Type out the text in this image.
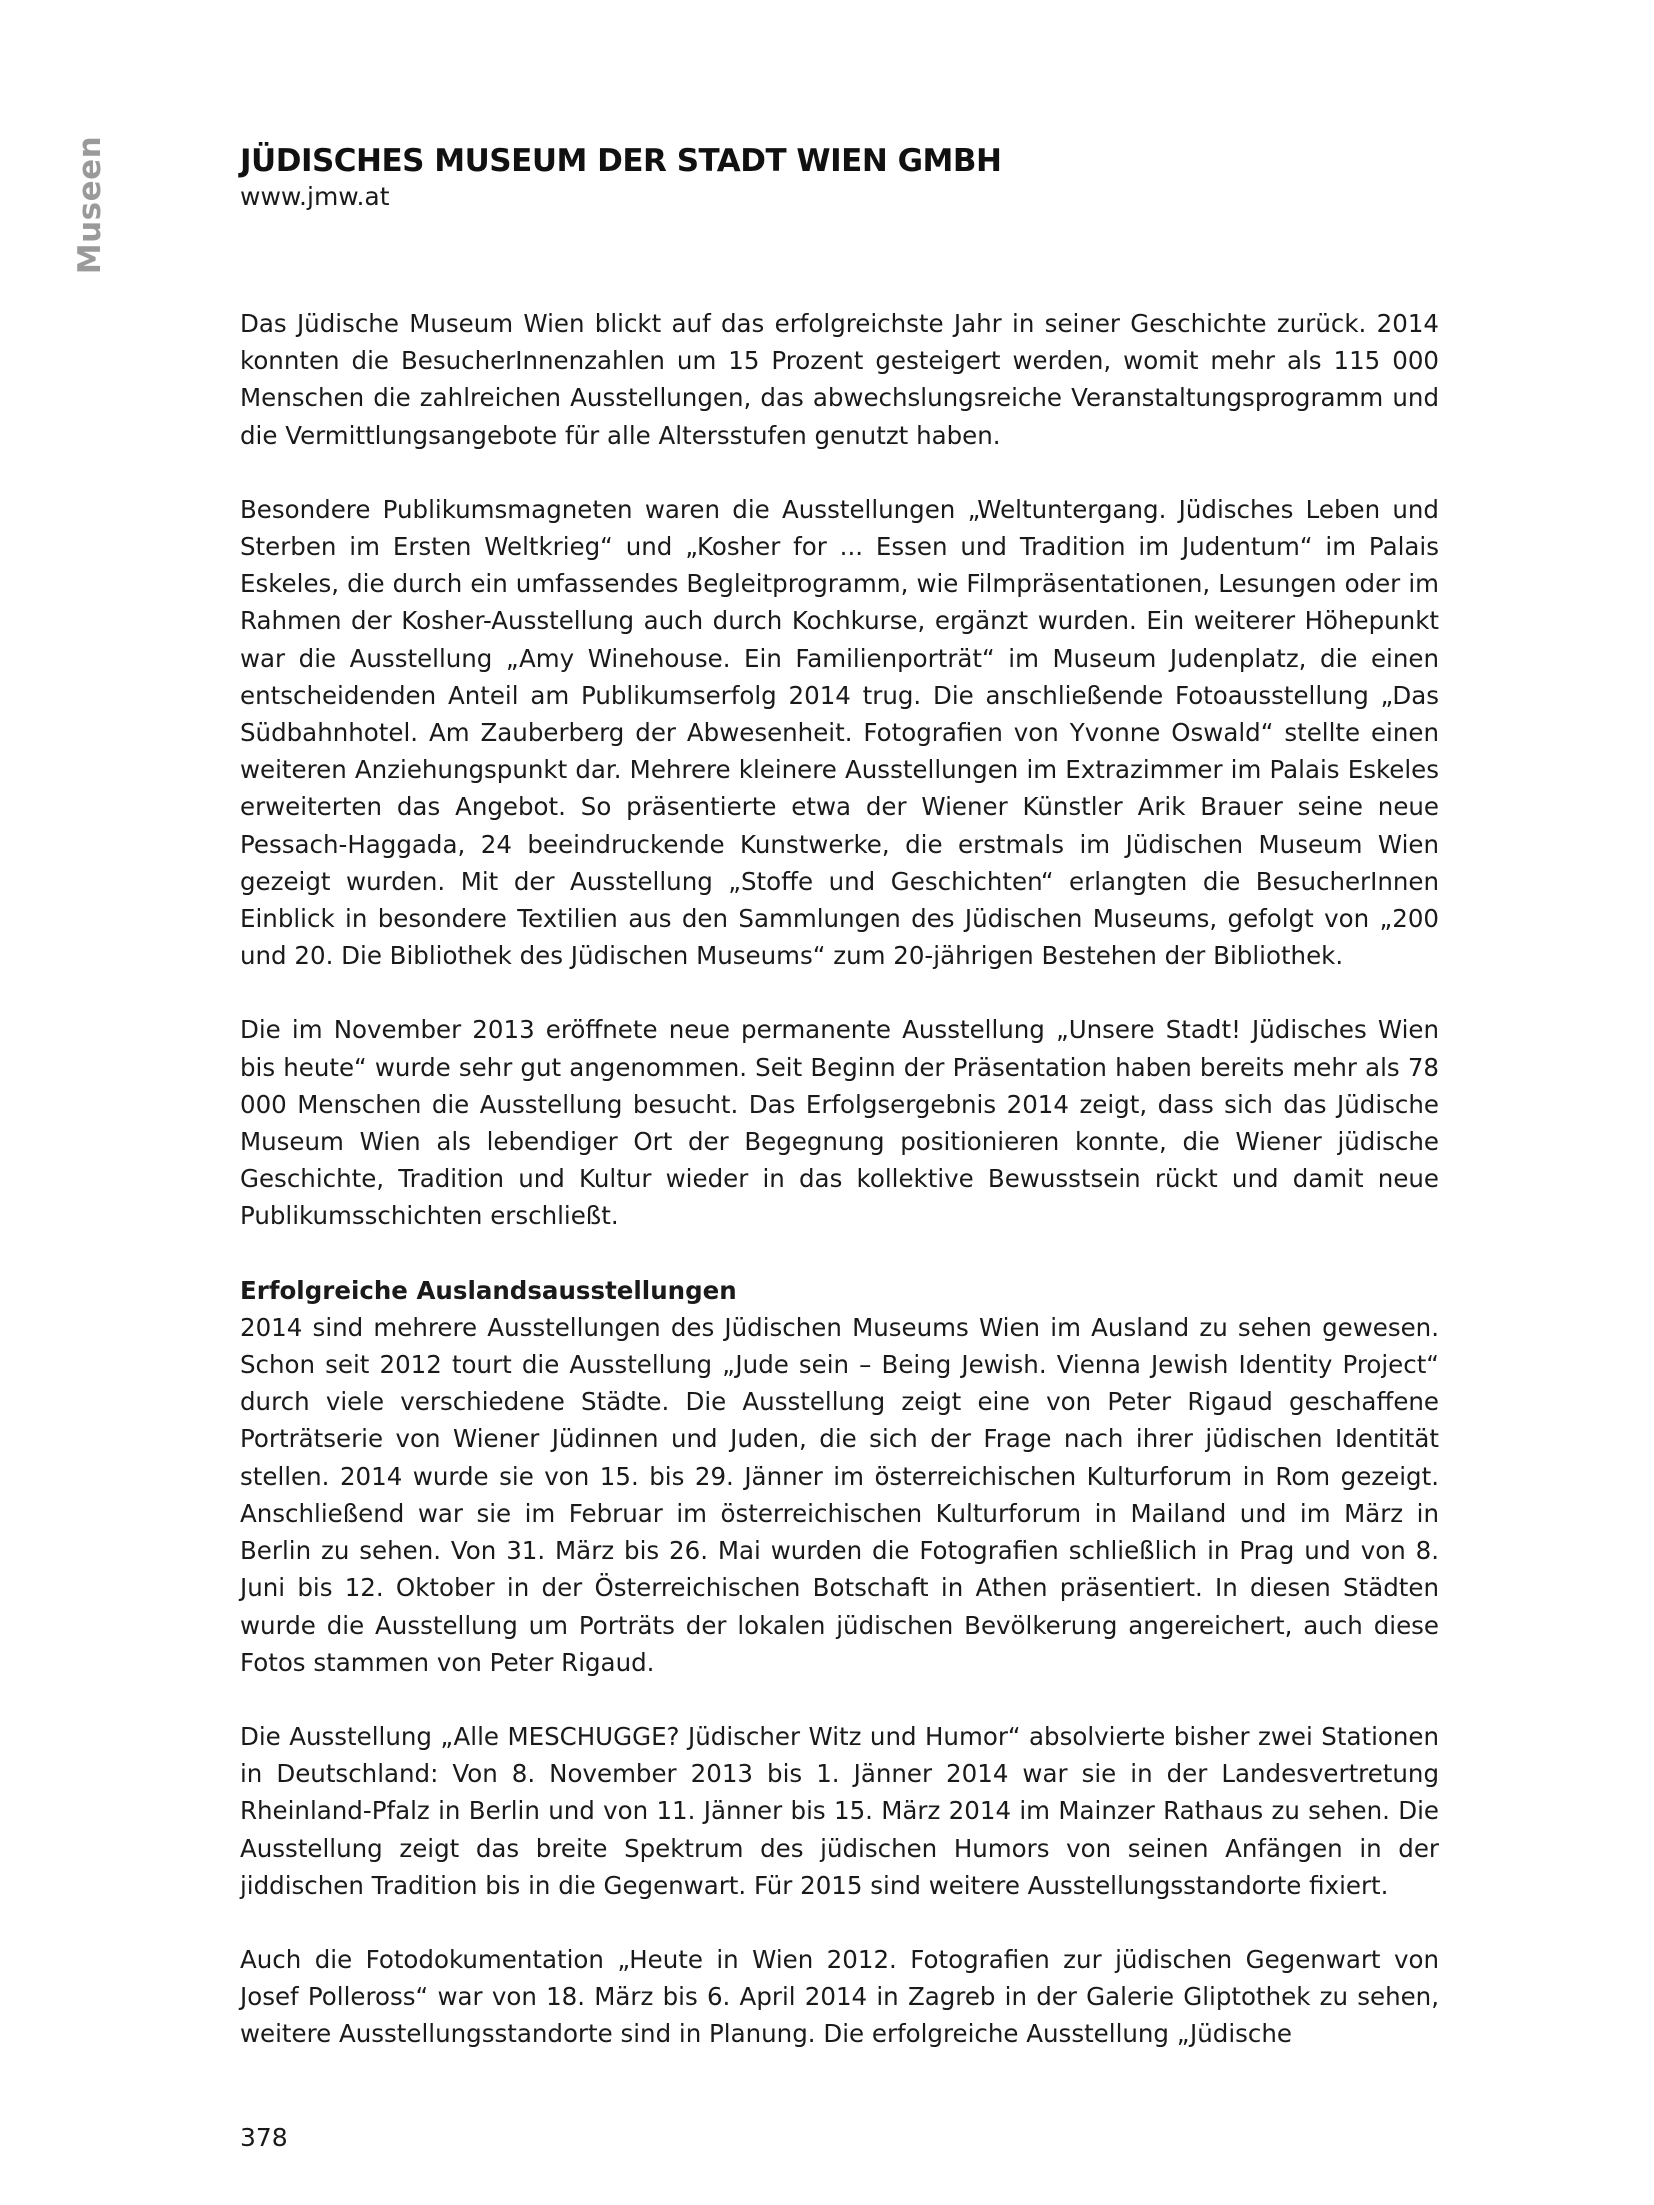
Museen	JÜDISCHES MUSEUM DER STADT WIEN GMBH

www.jmw.at

Das Jüdische Museum Wien blickt auf das erfolgreichste Jahr in seiner Geschichte zurück. 2014 konnten die BesucherInnenzahlen um 15 Prozent gesteigert werden, womit mehr als 115 000 Menschen die zahlreichen Ausstellungen, das abwechslungsreiche Veranstaltungsprogramm und die Vermittlungsangebote für alle Altersstufen genutzt haben.

Besondere Publikumsmagneten waren die Ausstellungen „Weltuntergang. Jüdisches Leben und Sterben im Ersten Weltkrieg“ und „Kosher for ... Essen und Tradition im Judentum“ im Palais Eskeles, die durch ein umfassendes Begleitprogramm, wie Filmpräsentationen, Lesungen oder im Rahmen der Kosher-Ausstellung auch durch Kochkurse, ergänzt wurden. Ein weiterer Höhepunkt war die Ausstellung „Amy Winehouse. Ein Familienporträt“ im Museum Judenplatz, die einen entscheidenden Anteil am Publikumserfolg 2014 trug. Die anschließende Fotoausstellung „Das Südbahnhotel. Am Zauberberg der Abwesenheit. Fotografien von Yvonne Oswald“ stellte einen weiteren Anziehungspunkt dar. Mehrere kleinere Ausstellungen im Extrazimmer im Palais Eskeles erweiterten das Angebot. So präsentierte etwa der Wiener Künstler Arik Brauer seine neue Pessach-Haggada, 24 beeindruckende Kunstwerke, die erstmals im Jüdischen Museum Wien gezeigt wurden. Mit der Ausstellung „Stoffe und Geschichten“ erlangten die BesucherInnen Einblick in besondere Textilien aus den Sammlungen des Jüdischen Museums, gefolgt von „200 und 20. Die Bibliothek des Jüdischen Museums“ zum 20-jährigen Bestehen der Bibliothek.

Die im November 2013 eröffnete neue permanente Ausstellung „Unsere Stadt! Jüdisches Wien bis heute“ wurde sehr gut angenommen. Seit Beginn der Präsentation haben bereits mehr als 78 000 Menschen die Ausstellung besucht. Das Erfolgsergebnis 2014 zeigt, dass sich das Jüdische Museum Wien als lebendiger Ort der Begegnung positionieren konnte, die Wiener jüdische Geschichte, Tradition und Kultur wieder in das kollektive Bewusstsein rückt und damit neue Publikumsschichten erschließt.

Erfolgreiche Auslandsausstellungen

2014 sind mehrere Ausstellungen des Jüdischen Museums Wien im Ausland zu sehen gewesen. Schon seit 2012 tourt die Ausstellung „Jude sein – Being Jewish. Vienna Jewish Identity Project“ durch viele verschiedene Städte. Die Ausstellung zeigt eine von Peter Rigaud geschaffene Porträtserie von Wiener Jüdinnen und Juden, die sich der Frage nach ihrer jüdischen Identität stellen. 2014 wurde sie von 15. bis 29. Jänner im österreichischen Kulturforum in Rom gezeigt. Anschließend war sie im Februar im österreichischen Kulturforum in Mailand und im März in Berlin zu sehen. Von 31. März bis 26. Mai wurden die Fotografien schließlich in Prag und von 8. Juni bis 12. Oktober in der Österreichischen Botschaft in Athen präsentiert. In diesen Städten wurde die Ausstellung um Porträts der lokalen jüdischen Bevölkerung angereichert, auch diese Fotos stammen von Peter Rigaud.

Die Ausstellung „Alle MESCHUGGE? Jüdischer Witz und Humor“ absolvierte bisher zwei Stationen in Deutschland: Von 8. November 2013 bis 1. Jänner 2014 war sie in der Landesvertretung Rheinland-Pfalz in Berlin und von 11. Jänner bis 15. März 2014 im Mainzer Rathaus zu sehen. Die Ausstellung zeigt das breite Spektrum des jüdischen Humors von seinen Anfängen in der jiddischen Tradition bis in die Gegenwart. Für 2015 sind weitere Ausstellungsstandorte fixiert.

Auch die Fotodokumentation „Heute in Wien 2012. Fotografien zur jüdischen Gegenwart von Josef Polleross“ war von 18. März bis 6. April 2014 in Zagreb in der Galerie Gliptothek zu sehen, weitere Ausstellungsstandorte sind in Planung. Die erfolgreiche Ausstellung „Jüdische

378
